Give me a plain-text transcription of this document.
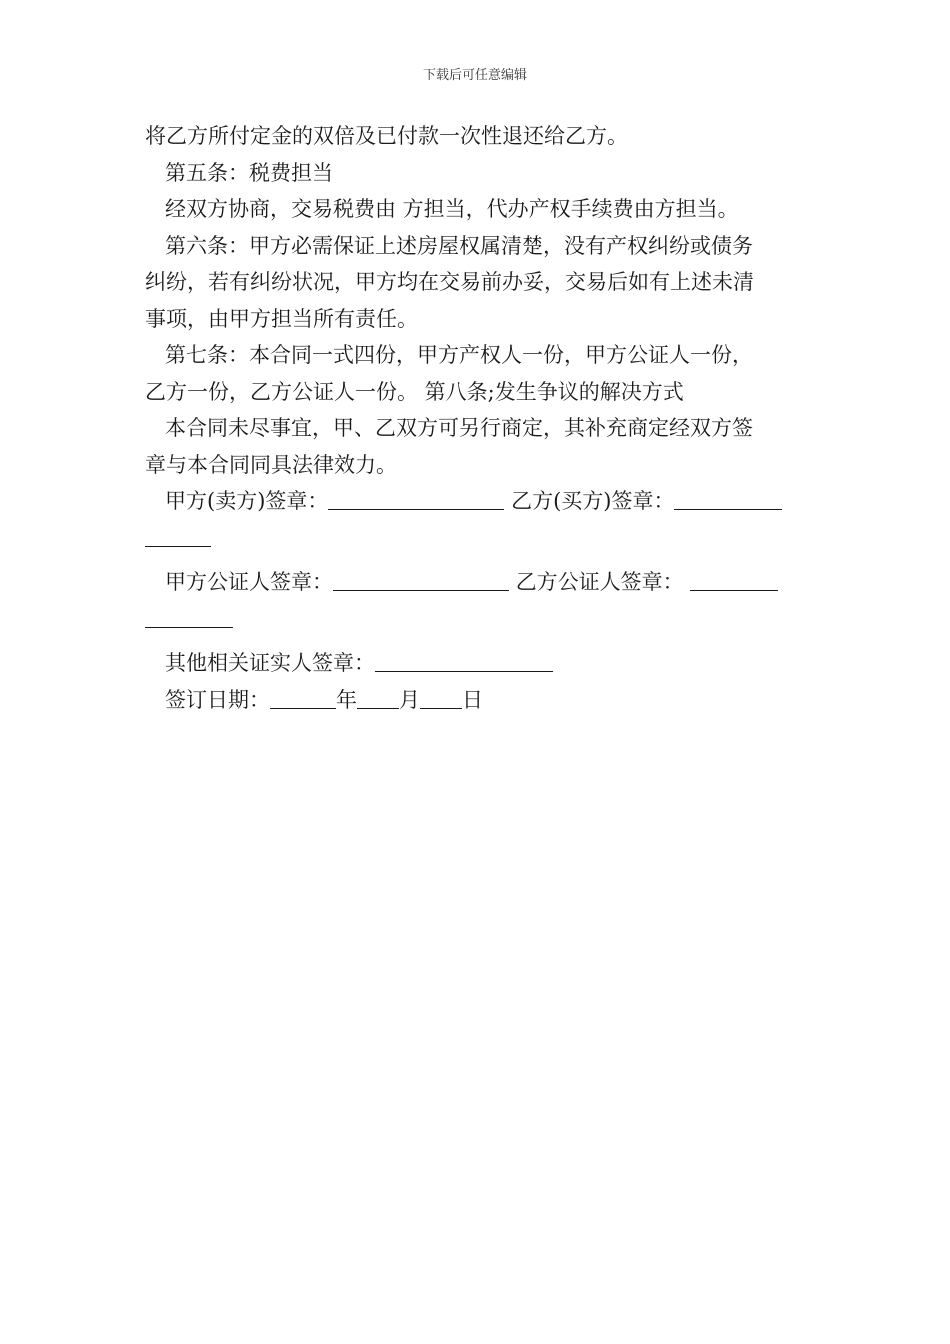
下载后可任意编辑
将乙方所付定金的双倍及已付款一次性退还给乙方。
第五条：税费担当
经双方协商，交易税费由 方担当，代办产权手续费由方担当。
第六条：甲方必需保证上述房屋权属清楚，没有产权纠纷或债务
纠纷，若有纠纷状况，甲方均在交易前办妥，交易后如有上述未清
事项，由甲方担当所有责任。
第七条：本合同一式四份，甲方产权人一份，甲方公证人一份，
乙方一份，乙方公证人一份。 第八条;发生争议的解决方式
本合同未尽事宜，甲、乙双方可另行商定，其补充商定经双方签
章与本合同同具法律效力。
甲方(卖方)签章：	乙方(买方)签章：
甲方公证人签章：	乙方公证人签章：
其他相关证实人签章：
签订日期：	年 月 日
